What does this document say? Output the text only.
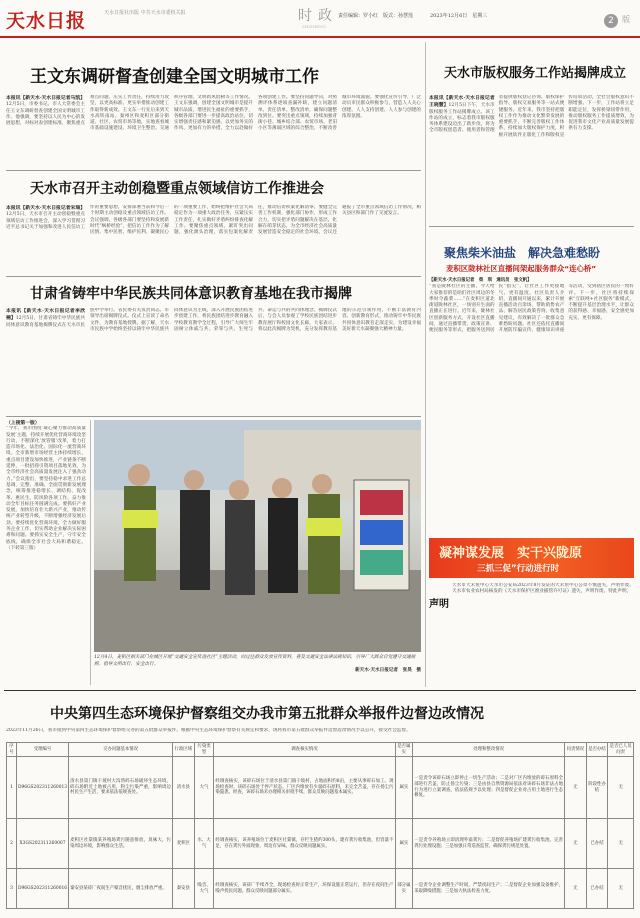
天水日报	天水日报社出版 中共天水市委机关报	时政
SHIZHENG
责任编辑：罗小红　版式：孙慧莲	2023年12月6日　星期三	2	版
王文东调研督查创建全国文明城市工作
本报讯【新天水·天水日报记者马凯】12月5日，市委书记、市人大常委会主任王文东调研督查创建全国文明城市工作。他强调，要坚持以人民为中心的发展思想，对标对表创建标准，聚焦重点难点问题，压实工作责任，持续用力攻坚，以更高标准、更实举措推动创建工作取得新成效。王文东一行先后来到天水高铁南站、秦州区和麦积区部分街道、社区、农贸市场等地，实地查看城市基础设施建设、环境卫生整治、交通秩序管理、文明新风倡树等工作情况。王文东强调，创建全国文明城市是提升城市品质、增进民生福祉的重要抓手，各级各部门要进一步提高政治站位，切实增强责任感和紧迫感，以更加务实的作风、更加有力的举措，全力以赴做好各项创建工作。要坚持问题导向，对照测评体系逐项查漏补缺，建立问题清单、责任清单、整改清单，确保问题整改到位。要突出重点领域，持续加强背街小巷、城乡结合部、农贸市场、老旧小区等薄弱区域的综合整治，不断改善城市环境面貌。要强化宣传引导，广泛动员市民群众积极参与，营造人人关心创建、人人支持创建、人人参与创建的浓厚氛围。
天水市召开主动创稳暨重点领域信访工作推进会
本报讯【新天水·天水日报记者宋瑞】12月5日，天水市召开主动创稳暨重点领域信访工作推进会，深入学习贯彻习近平总书记关于加强和改进人民信访工作的重要思想，安排部署当前和今后一个时期主动创稳及重点领域信访工作。会议强调，各级各部门要坚持和发展新时代“枫桥经验”，把信访工作作为了解民情、集中民智、维护民利、凝聚民心的一项重要工作，始终把维护社会大局稳定作为一项重大政治任务，压紧压实工作责任，扎实做好矛盾纠纷排查化解工作。要聚焦重点领域，紧盯突出问题，强化源头治理，落实包案化解责任，推动信访积案化解清零。要健全完善工作机制，强化部门协作，形成工作合力，切实把矛盾问题解决在基层、化解在萌芽状态，为全市经济社会高质量发展营造安全稳定的社会环境。会议还通报了全市重点领域信访工作情况，相关县区和部门作了交流发言。
甘肃省铸牢中华民族共同体意识教育基地在我市揭牌
本报讯【新天水·天水日报记者李欣楠】12月5日，甘肃省铸牢中华民族共同体意识教育基地揭牌仪式在天水市民族中学举行。省民委有关负责同志、市领导出席揭牌仪式。仪式上宣读了命名文件，为教育基地授牌。据了解，天水市民族中学始终坚持以铸牢中华民族共同体意识为主线，深入开展民族团结进步创建工作，将民族团结进步教育融入学校教育教学全过程，引导广大师生牢固树立休戚与共、荣辱与共、生死与共、命运与共的共同体理念。揭牌仪式后，与会人员参观了学校民族团结进步教育展厅和校园文化长廊。大家表示，将以此次揭牌为契机，充分发挥教育基地的示范引领作用，不断丰富教育内容、创新教育形式，推动铸牢中华民族共同体意识教育走深走实，为建设幸福美好新天水凝聚强大精神力量。
（上接第一版）
“今年，我市围绕‘凝心聚力推动高质量发展’主题，持续开展优化营商环境攻坚行动，不断深化‘放管服’改革，着力打造市场化、法治化、国际化一流营商环境。全市新增市场经营主体持续增长，重点项目建设加快推进，产业链条不断延伸，一批招商引资项目落地见效，为全市经济社会高质量发展注入了强劲动力。”会议指出，要坚持稳中求进工作总基调，完整、准确、全面贯彻新发展理念，统筹推进稳增长、调结构、促改革、惠民生、防风险各项工作，奋力推动全年目标任务圆满完成。要抓好产业发展，加快培育壮大新兴产业，推动传统产业转型升级，不断增强经济发展后劲。要持续优化营商环境，全力做好服务企业工作，切实帮助企业解决实际困难和问题。要抓实安全生产，守牢安全底线，确保全市社会大局和谐稳定。（下转第三版）
12月4日，麦积区相关部门在城区开展“交通安全宣传进社区”主题活动，向过往群众发放宣传资料，普及交通安全法律法规知识，引导广大群众自觉遵守交通规则，倡导文明出行、安全出行。
新天水·天水日报记者　张昊　摄
天水市版权服务工作站揭牌成立
本报讯【新天水·天水日报记者王晓慧】12月5日下午，天水市版权服务工作站揭牌成立。该工作站的成立，标志着我市版权服务体系建设迈出了新步伐，将为全市版权创造者、使用者和管理者提供版权登记咨询、版权保护指导、版权交易服务等一站式便捷服务。近年来，我市坚持把版权工作作为推动文化繁荣发展的重要抓手，不断完善版权工作体系，持续加大版权保护力度，积极开展软件正版化工作和版权宣传培训活动，全社会版权意识不断增强。下一步，工作站将立足职能定位，发挥桥梁纽带作用，推动版权服务工作提质增效，为促进我市文化产业高质量发展提供有力支撑。
聚焦柴米油盐　解决急难愁盼
麦积区陇林社区直播间架起服务群众“连心桥”
【新天水·天水日报记者　柴　琪　通讯员　张文帆】
“我是陇林社区的主播，今天给大家推荐的是咱们社区周边的冬季时令蔬菜……”在麦积区道北街道陇林社区，一场别开生面的直播正在进行。近年来，陇林社区创新服务方式，开设社区直播间，通过直播带货、政策宣讲、便民服务等形式，把服务送到居民“指尖”，让社区工作更接地气、更有温度。社区负责人介绍，直播间开通以来，累计开展直播活动百余场，帮助销售农产品、解答居民政策咨询、收集意见建议，有效解决了一批群众急难愁盼问题。社区还依托直播间开展防诈骗宣传、健康知识讲座等活动，受到辖区居民的一致好评。下一步，社区将持续探索“互联网+社区服务”新模式，不断提升基层治理水平，让群众的获得感、幸福感、安全感更加充实、更有保障。
凝神谋发展　实干兴陇原
三抓三促”行动进行时
声明
天水市大禾鱼中心天水市公安局2023年8月发证的大禾鱼中心公章不慎遗失，声明作废。天水市农业农村局核发的《天水市保护区渔业捕捞许可证》遗失，声明作废。特此声明。
中央第四生态环境保护督察组交办我市第五批群众举报件边督边改情况
2023年11月26日，我市接到中央第四生态环境保护督察组交办的第五批群众举报件。根据中央生态环境保护督察有关规定和要求，现将我市第五批群众举报件边督边改情况予以公开，接受社会监督。
序号	受理编号	交办问题基本情况	行政区域	污染类型	调查核实情况	是否属实	处理和整改情况	问责情况	是否办结	是否已人员问责
1	D96GS202311260013	清水县第门镇干坡村大沟湾碎石场破坏生态环境，碎石场附近土地被占用，粉尘污染严重，影响周边村民生产生活，要求依法依规查处。	清水县	大气	经调查核实，该碎石场位于清水县第门镇干坡村，占地面积约8亩，主要从事碎石加工。现场检查时，该碎石场处于停产状态，厂区内堆放有少量碎石原料，未完全苫盖，存在扬尘污染隐患。经查，该碎石场未办理相关审批手续，群众反映问题基本属实。	属实	一是责令该碎石场立即停止一切生产活动；二是对厂区内堆放的碎石原料全部进行苫盖，防止扬尘污染；三是由县自然资源局依法对该碎石场非法占地行为进行立案调查，依法依规予以处理；四是督促企业对占用土地进行生态修复。	无	阶段性办结	无
2	X3GS202311260007	麦积区社棠镇某养殖场粪污随意排放，臭味大，污染周边环境，影响群众生活。	麦积区	水、大气	经调查核实，该养殖场位于麦积区社棠镇，存栏生猪约300头，建有粪污收集池，但容量不足，存在粪污外溢现象，周边有异味。群众反映问题属实。	属实	一是责令养殖场立即清理外溢粪污；二是督促养殖场扩建粪污收集池，完善粪污处理设施；三是加强日常巡查监管，确保粪污规范处置。	无	已办结	无
3	D96GS202311260016	秦安县某砖厂夜间生产噪音扰民，烟尘排放严重。	秦安县	噪音、大气	经调查核实，该砖厂手续齐全，现场检查时正常生产，环保设施正常运行，但存在夜间生产噪声扰民问题。群众反映问题部分属实。	部分属实	一是责令企业调整生产时间，严禁夜间生产；二是督促企业加强设备维护，采取降噪措施；三是加大执法检查力度。	无	已办结	无
